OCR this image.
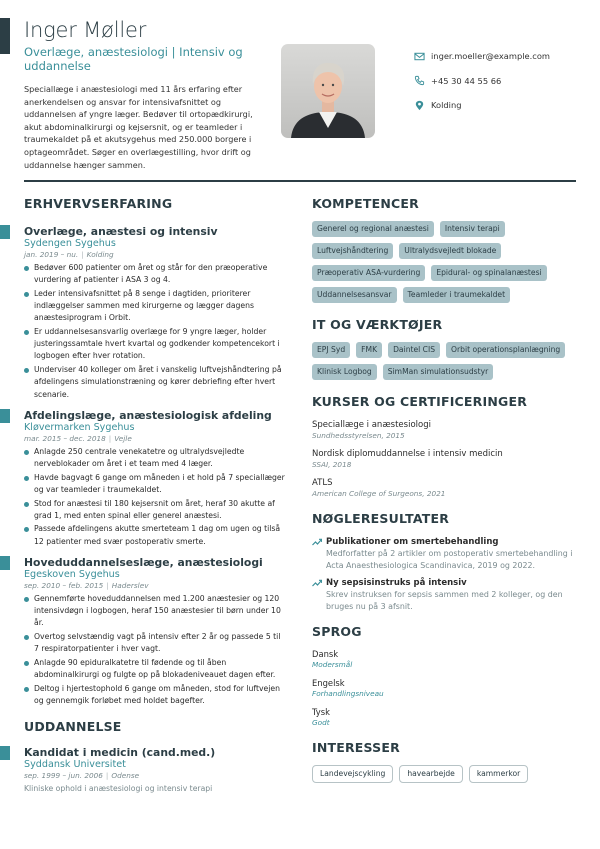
Inger Møller
Overlæge, anæstesiologi | Intensiv og uddannelse
Speciallæge i anæstesiologi med 11 års erfaring efter anerkendelsen og ansvar for intensivafsnittet og uddannelsen af yngre læger. Bedøver til ortopædkirurgi, akut abdominalkirurgi og kejsersnit, og er teamleder i traumekaldet på et akutsygehus med 250.000 borgere i optageområdet. Søger en overlægestilling, hvor drift og uddannelse hænger sammen.
inger.moeller@example.com
+45 30 44 55 66
Kolding
ERHVERVSERFARING
Overlæge, anæstesi og intensiv
Sydengen Sygehus
jan. 2019 – nu. | Kolding
Bedøver 600 patienter om året og står for den præoperative vurdering af patienter i ASA 3 og 4.
Leder intensivafsnittet på 8 senge i dagtiden, prioriterer indlæggelser sammen med kirurgerne og lægger dagens anæstesiprogram i Orbit.
Er uddannelsesansvarlig overlæge for 9 yngre læger, holder justeringssamtale hvert kvartal og godkender kompetencekort i logbogen efter hver rotation.
Underviser 40 kolleger om året i vanskelig luftvejshåndtering på afdelingens simulationstræning og kører debriefing efter hvert scenarie.
Afdelingslæge, anæstesiologisk afdeling
Kløvermarken Sygehus
mar. 2015 – dec. 2018 | Vejle
Anlagde 250 centrale venekatetre og ultralydsvejledte nerveblokader om året i et team med 4 læger.
Havde bagvagt 6 gange om måneden i et hold på 7 speciallæger og var teamleder i traumekaldet.
Stod for anæstesi til 180 kejsersnit om året, heraf 30 akutte af grad 1, med enten spinal eller generel anæstesi.
Passede afdelingens akutte smerteteam 1 dag om ugen og tilså 12 patienter med svær postoperativ smerte.
Hoveduddannelseslæge, anæstesiologi
Egeskoven Sygehus
sep. 2010 – feb. 2015 | Haderslev
Gennemførte hoveduddannelsen med 1.200 anæstesier og 120 intensivdøgn i logbogen, heraf 150 anæstesier til børn under 10 år.
Overtog selvstændig vagt på intensiv efter 2 år og passede 5 til 7 respiratorpatienter i hver vagt.
Anlagde 90 epiduralkatetre til fødende og til åben abdominalkirurgi og fulgte op på blokadeniveauet dagen efter.
Deltog i hjertestophold 6 gange om måneden, stod for luftvejen og gennemgik forløbet med holdet bagefter.
UDDANNELSE
Kandidat i medicin (cand.med.)
Syddansk Universitet
sep. 1999 – jun. 2006 | Odense
Kliniske ophold i anæstesiologi og intensiv terapi
KOMPETENCER
Generel og regional anæstesi	Intensiv terapi
Luftvejshåndtering	Ultralydsvejledt blokade
Præoperativ ASA-vurdering	Epidural- og spinalanæstesi
Uddannelsesansvar	Teamleder i traumekaldet
IT OG VÆRKTØJER
EPJ Syd	FMK	Daintel CIS	Orbit operationsplanlægning
Klinisk Logbog	SimMan simulationsudstyr
KURSER OG CERTIFICERINGER
Speciallæge i anæstesiologi
Sundhedsstyrelsen, 2015
Nordisk diplomuddannelse i intensiv medicin
SSAI, 2018
ATLS
American College of Surgeons, 2021
NØGLERESULTATER
Publikationer om smertebehandling
Medforfatter på 2 artikler om postoperativ smertebehandling i Acta Anaesthesiologica Scandinavica, 2019 og 2022.
Ny sepsisinstruks på intensiv
Skrev instruksen for sepsis sammen med 2 kolleger, og den bruges nu på 3 afsnit.
SPROG
Dansk
Modersmål
Engelsk
Forhandlingsniveau
Tysk
Godt
INTERESSER
Landevejscykling	havearbejde	kammerkor
